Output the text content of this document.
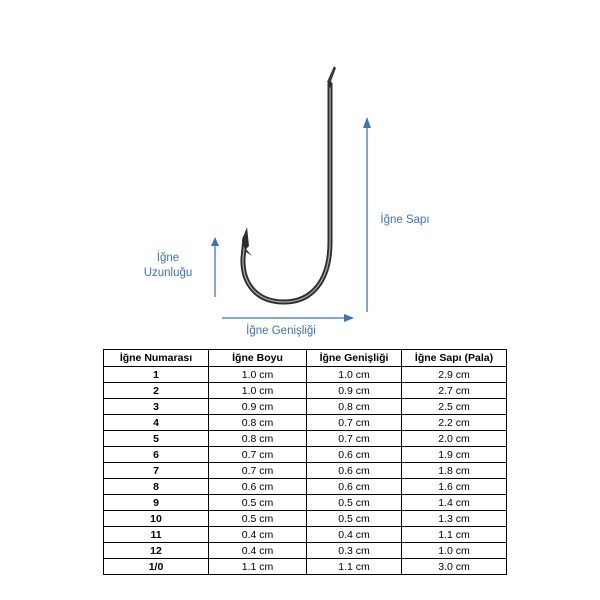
İğne
Uzunluğu
İğne Genişliği
İğne Sapı
İğne Numarası	İğne Boyu	İğne Genişliği	İğne Sapı (Pala)
1	1.0 cm	1.0 cm	2.9 cm
2	1.0 cm	0.9 cm	2.7 cm
3	0.9 cm	0.8 cm	2.5 cm
4	0.8 cm	0.7 cm	2.2 cm
5	0.8 cm	0.7 cm	2.0 cm
6	0.7 cm	0.6 cm	1.9 cm
7	0.7 cm	0.6 cm	1.8 cm
8	0.6 cm	0.6 cm	1.6 cm
9	0.5 cm	0.5 cm	1.4 cm
10	0.5 cm	0.5 cm	1.3 cm
11	0.4 cm	0.4 cm	1.1 cm
12	0.4 cm	0.3 cm	1.0 cm
1/0	1.1 cm	1.1 cm	3.0 cm
